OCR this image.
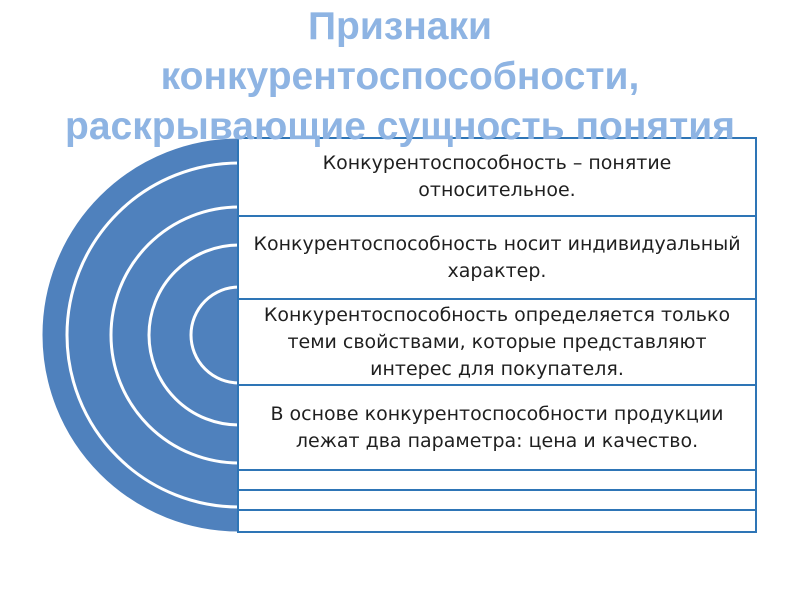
Конкурентоспособность – понятие относительное.
Конкурентоспособность носит индивидуальный характер.
Конкурентоспособность определяется только теми свойствами, которые представляют интерес для покупателя.
В основе конкурентоспособности продукции лежат два параметра: цена и качество.
Признаки
конкурентоспособности,
раскрывающие сущность понятия
